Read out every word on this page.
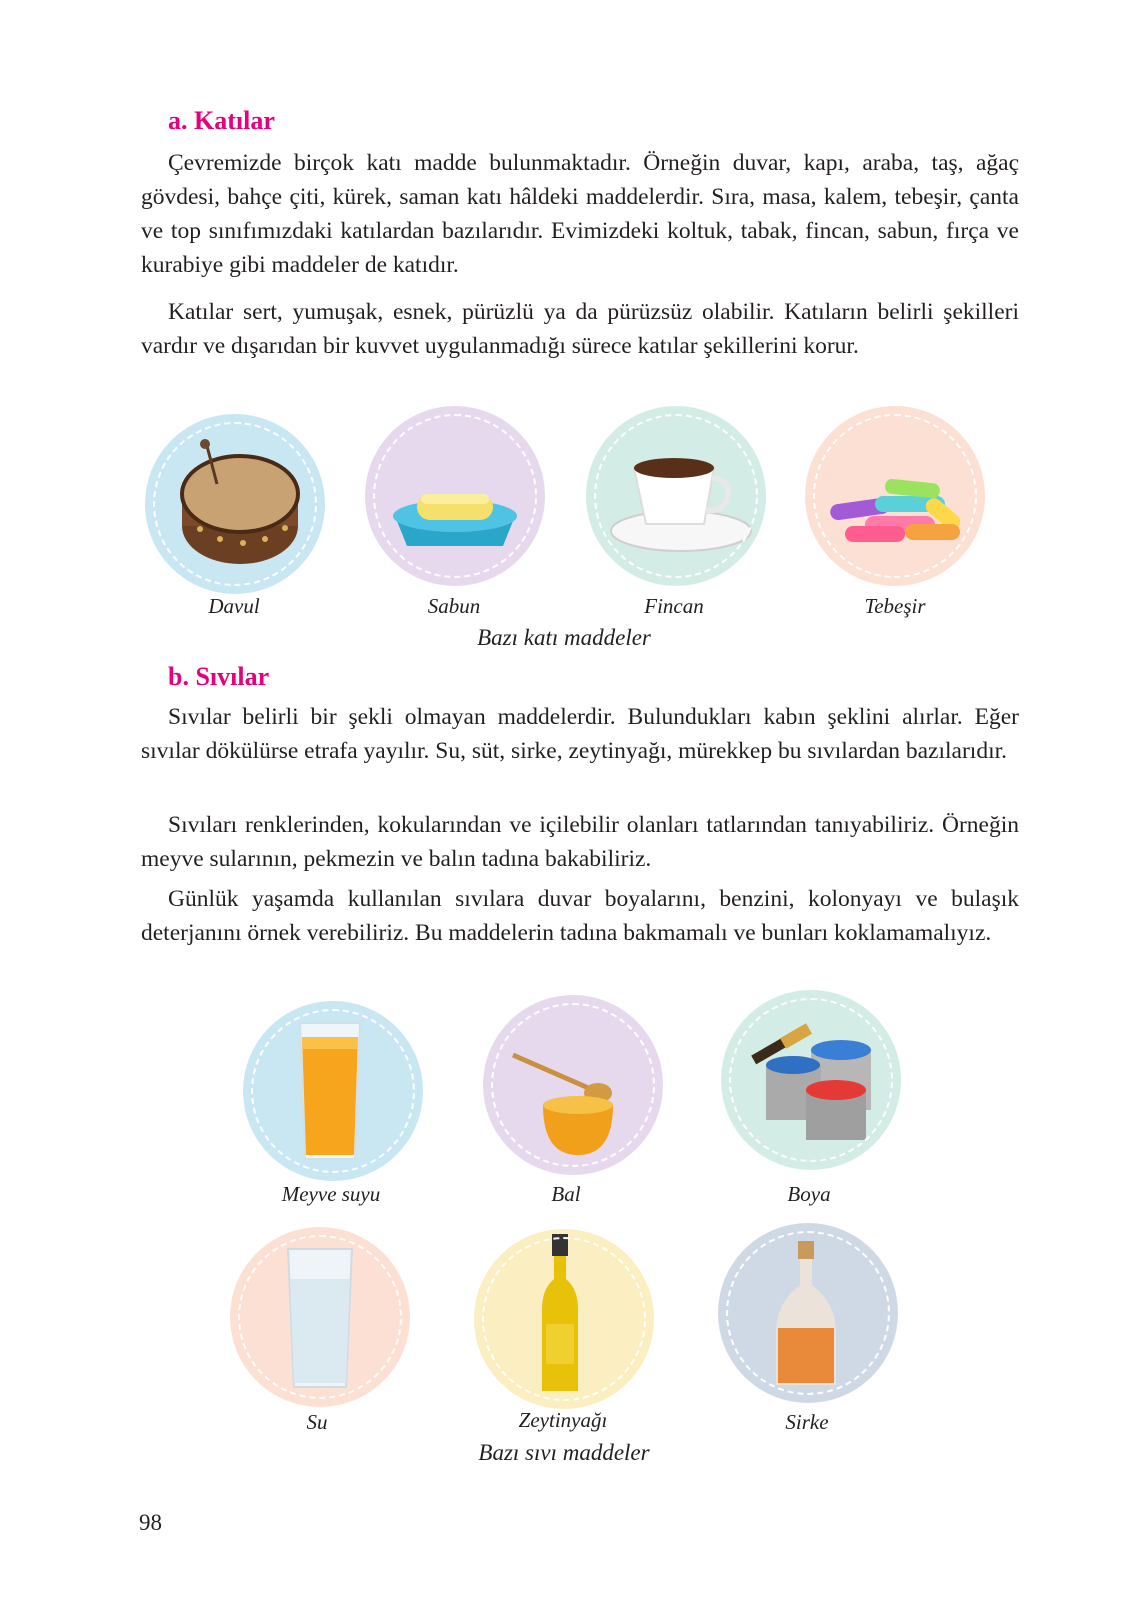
a. Katılar

Çevremizde birçok katı madde bulunmaktadır. Örneğin duvar, kapı, araba, taş, ağaç gövdesi, bahçe çiti, kürek, saman katı hâldeki maddelerdir. Sıra, masa, kalem, tebeşir, çanta ve top sınıfımızdaki katılardan bazılarıdır. Evimizdeki koltuk, tabak, fincan, sabun, fırça ve kurabiye gibi maddeler de katıdır.

Katılar sert, yumuşak, esnek, pürüzlü ya da pürüzsüz olabilir. Katıların belirli şekilleri vardır ve dışarıdan bir kuvvet uygulanmadığı sürece katılar şekillerini korur.

Davul	Sabun	Fincan	Tebeşir
Bazı katı maddeler
b. Sıvılar

Sıvılar belirli bir şekli olmayan maddelerdir. Bulundukları kabın şeklini alırlar. Eğer sıvılar dökülürse etrafa yayılır. Su, süt, sirke, zeytinyağı, mürekkep bu sıvılardan bazılarıdır.

Sıvıları renklerinden, kokularından ve içilebilir olanları tatlarından tanıyabiliriz. Örneğin meyve sularının, pekmezin ve balın tadına bakabiliriz.

Günlük yaşamda kullanılan sıvılara duvar boyalarını, benzini, kolonyayı ve bulaşık deterjanını örnek verebiliriz. Bu maddelerin tadına bakmamalı ve bunları koklamamalıyız.

Meyve suyu	Bal	Boya
Su	Zeytinyağı	Sirke
Bazı sıvı maddeler
98
